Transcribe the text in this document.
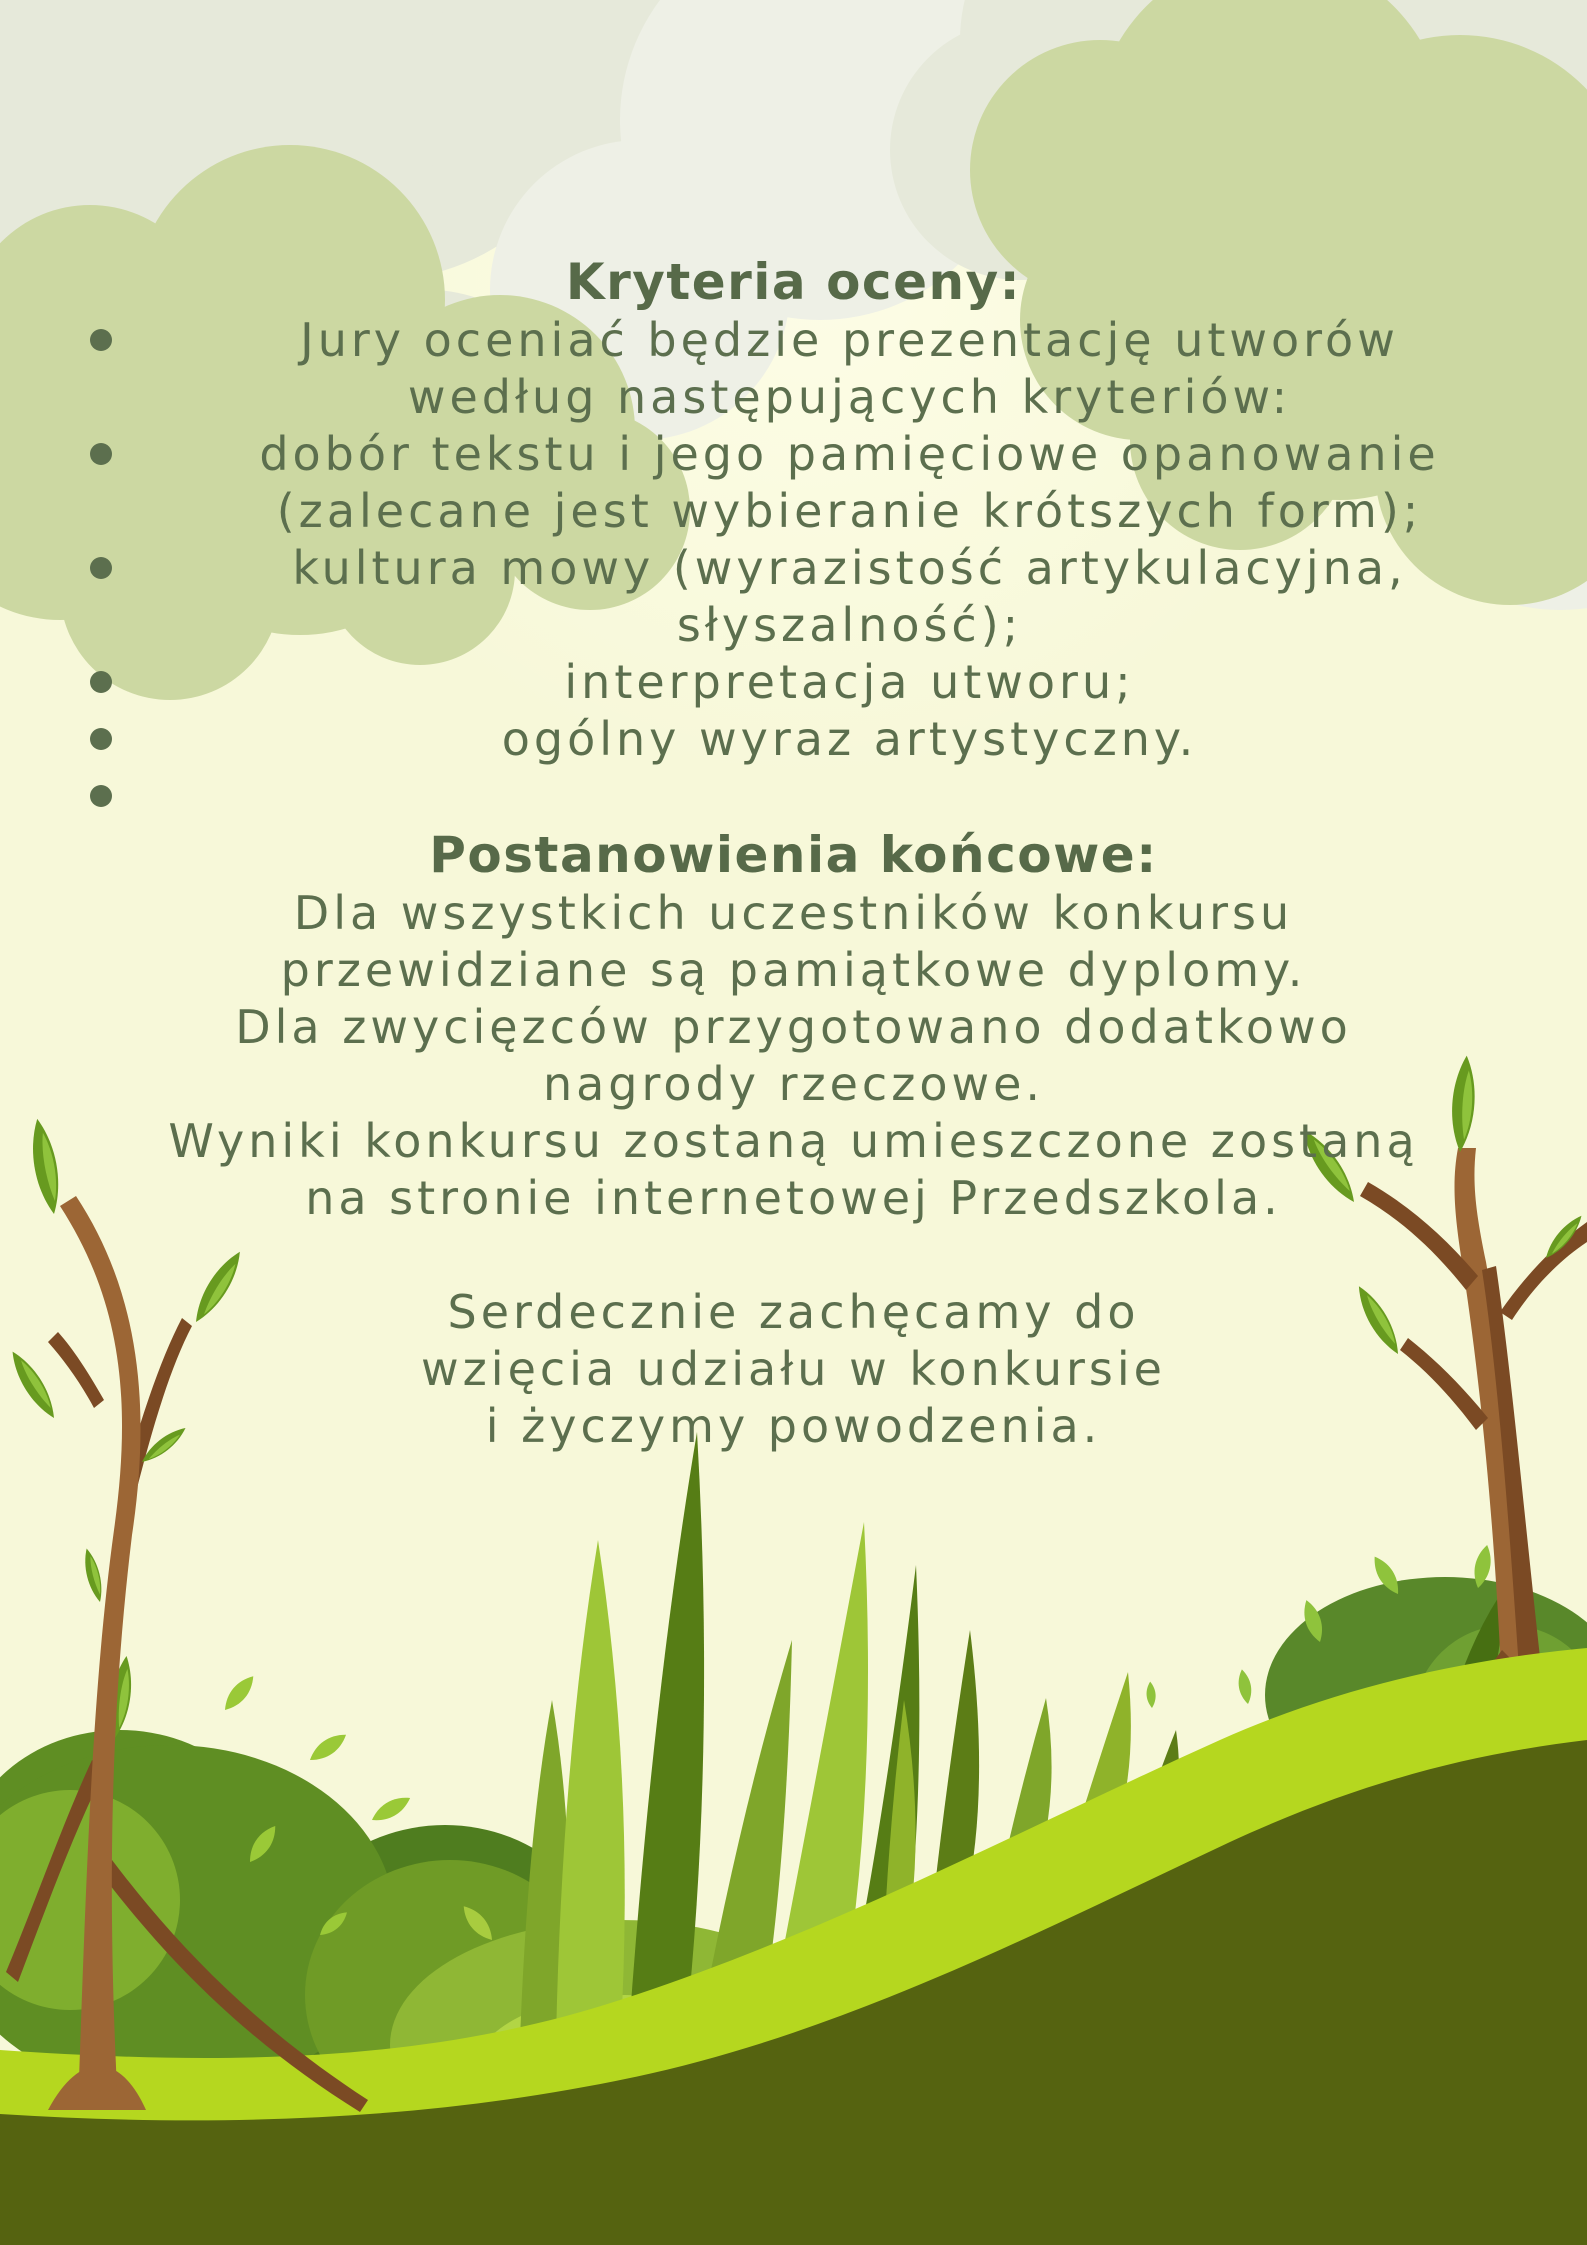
Kryteria oceny:
Jury oceniać będzie prezentację utworów
według następujących kryteriów:
dobór tekstu i jego pamięciowe opanowanie
(zalecane jest wybieranie krótszych form);
kultura mowy (wyrazistość artykulacyjna,
słyszalność);
interpretacja utworu;
ogólny wyraz artystyczny.
Postanowienia końcowe:
Dla wszystkich uczestników konkursu
przewidziane są pamiątkowe dyplomy.
Dla zwycięzców przygotowano dodatkowo
nagrody rzeczowe.
Wyniki konkursu zostaną umieszczone zostaną
na stronie internetowej Przedszkola.
Serdecznie zachęcamy do
wzięcia udziału w konkursie
i życzymy powodzenia.
